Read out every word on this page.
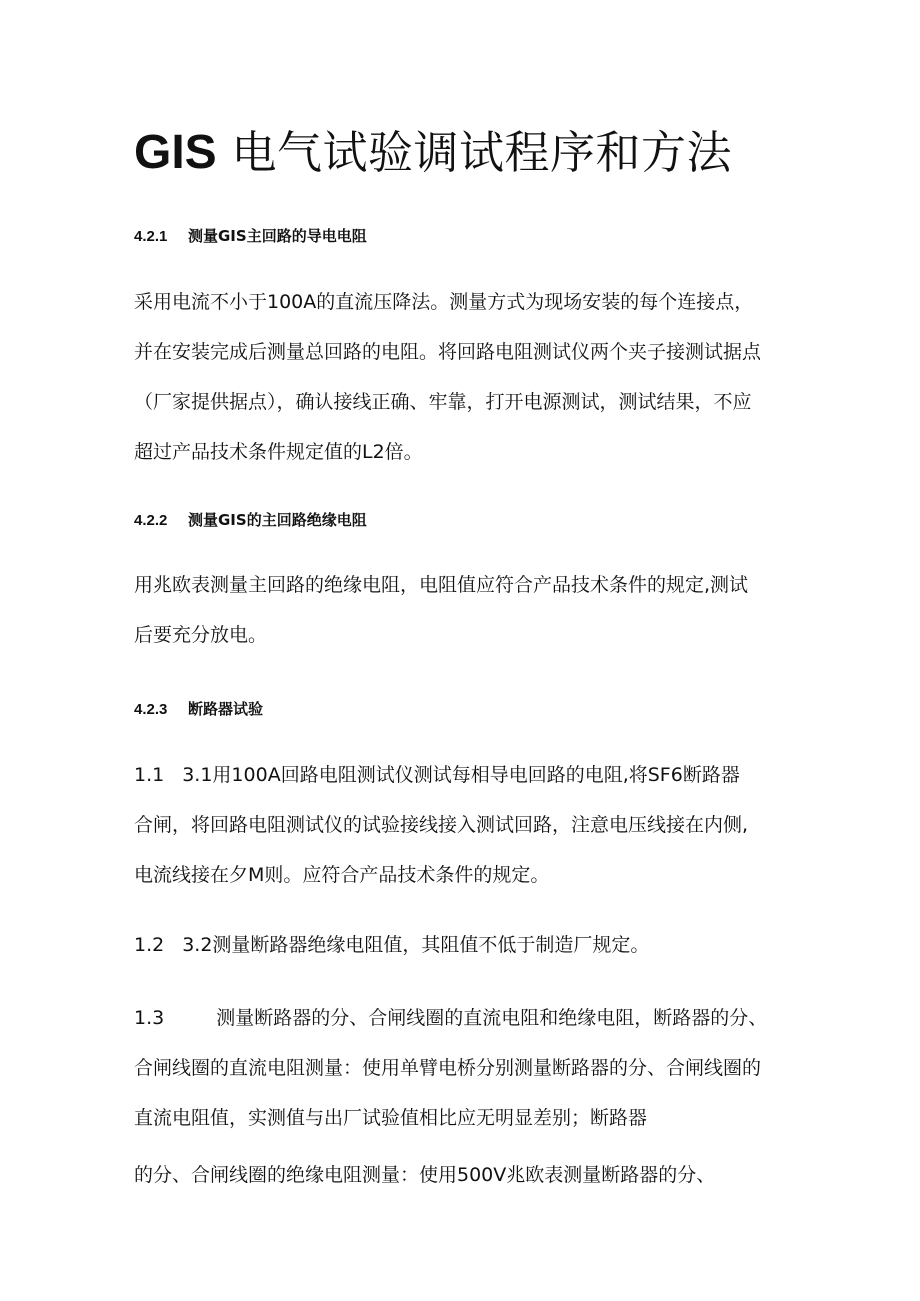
GIS 电气试验调试程序和方法
4.2.1 测量GIS主回路的导电电阻

采用电流不小于100A的直流压降法。测量方式为现场安装的每个连接点，
并在安装完成后测量总回路的电阻。将回路电阻测试仪两个夹子接测试据点
（厂家提供据点），确认接线正确、牢靠，打开电源测试，测试结果，不应
超过产品技术条件规定值的L2倍。

4.2.2 测量GIS的主回路绝缘电阻

用兆欧表测量主回路的绝缘电阻，电阻值应符合产品技术条件的规定,测试
后要充分放电。

4.2.3 断路器试验

1.1 3.1用100A回路电阻测试仪测试每相导电回路的电阻,将SF6断路器
合闸，将回路电阻测试仪的试验接线接入测试回路，注意电压线接在内侧,
电流线接在夕M则。应符合产品技术条件的规定。

1.2 3.2测量断路器绝缘电阻值，其阻值不低于制造厂规定。

1.3	测量断路器的分、合闸线圈的直流电阻和绝缘电阻，断路器的分、
合闸线圈的直流电阻测量：使用单臂电桥分别测量断路器的分、合闸线圈的
直流电阻值，实测值与出厂试验值相比应无明显差别；断路器
的分、合闸线圈的绝缘电阻测量：使用500V兆欧表测量断路器的分、
